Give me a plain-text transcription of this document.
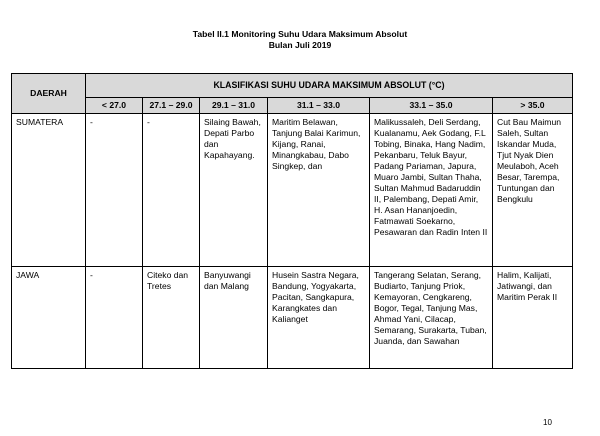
Tabel II.1 Monitoring Suhu Udara Maksimum Absolut
Bulan Juli 2019
DAERAH	KLASIFIKASI SUHU UDARA MAKSIMUM ABSOLUT (°C)					
	< 27.0	27.1 – 29.0	29.1 – 31.0	31.1 – 33.0	33.1 – 35.0	> 35.0
SUMATERA	-	-	Silaing Bawah, Depati Parbo dan Kapahayang.	Maritim Belawan, Tanjung Balai Karimun, Kijang, Ranai, Minangkabau, Dabo Singkep, dan	Malikussaleh, Deli Serdang, Kualanamu, Aek Godang, F.L Tobing, Binaka, Hang Nadim, Pekanbaru, Teluk Bayur, Padang Pariaman, Japura, Muaro Jambi, Sultan Thaha, Sultan Mahmud Badaruddin II, Palembang, Depati Amir, H. Asan Hananjoedin, Fatmawati Soekarno, Pesawaran dan Radin Inten II	Cut Bau Maimun Saleh, Sultan Iskandar Muda, Tjut Nyak Dien Meulaboh, Aceh Besar, Tarempa, Tuntungan dan Bengkulu
JAWA	-	Citeko dan Tretes	Banyuwangi dan Malang	Husein Sastra Negara, Bandung, Yogyakarta, Pacitan, Sangkapura, Karangkates dan Kalianget	Tangerang Selatan, Serang, Budiarto, Tanjung Priok, Kemayoran, Cengkareng, Bogor, Tegal, Tanjung Mas, Ahmad Yani, Cilacap, Semarang, Surakarta, Tuban, Juanda, dan Sawahan	Halim, Kalijati, Jatiwangi, dan Maritim Perak II
10
